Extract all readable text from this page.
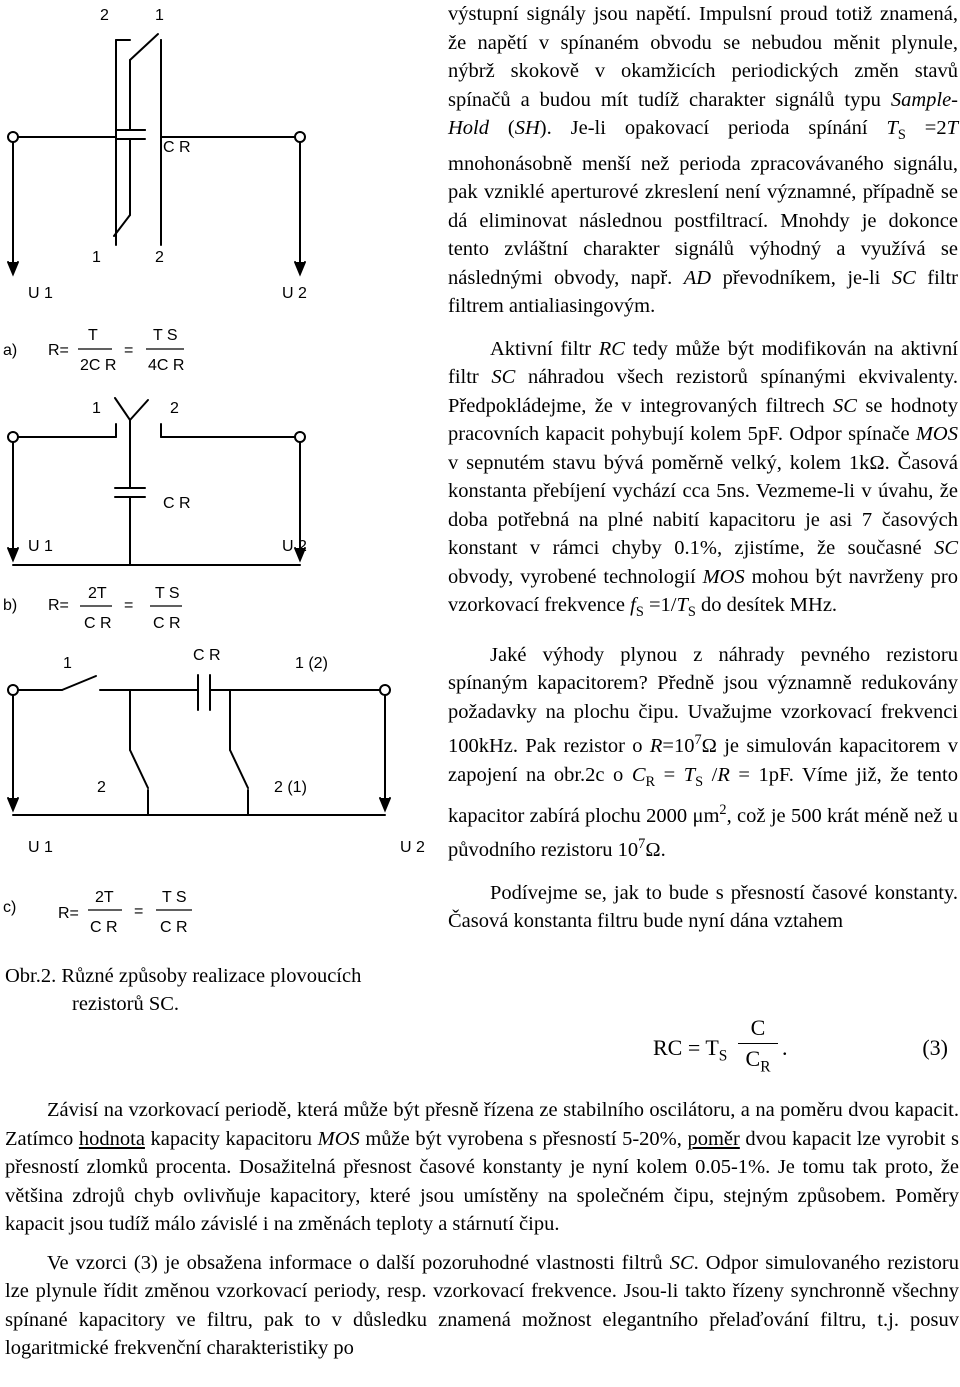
2	1
C R
1	2
U 1	U 2
a) R=
T
2C R
=
T S
4C R
1	2
C R
U 1	U 2
b) R=
2T
C R
=
T S
C R
1	C R	1 (2)
2	2 (1)
U 1	U 2
c)	R=
2T
C R
=
T S
C R
Obr.2. Různé způsoby realizace plovoucích
rezistorů SC.

výstupní signály jsou napětí. Impulsní proud totiž znamená, že napětí v spínaném obvodu se nebudou měnit plynule, nýbrž skokově v okamžicích periodických změn stavů spínačů a budou mít tudíž charakter signálů typu Sample-Hold (SH). Je-li opakovací perioda spínání $T_S =2T$ mnohonásobně menší než perioda zpracovávaného signálu, pak vzniklé aperturové zkreslení není významné, případně se dá eliminovat následnou postfiltrací. Mnohdy je dokonce tento zvláštní charakter signálů výhodný a využívá se následnými obvody, např. AD převodníkem, je-li SC filtr filtrem antialiasingovým.

Aktivní filtr RC tedy může být modifikován na aktivní filtr SC náhradou všech rezistorů spínanými ekvivalenty. Předpokládejme, že v integrovaných filtrech SC se hodnoty pracovních kapacit pohybují kolem 5pF. Odpor spínače MOS v sepnutém stavu bývá poměrně velký, kolem 1kΩ. Časová konstanta přebíjení vychází cca 5ns. Vezmeme-li v úvahu, že doba potřebná na plné nabití kapacitoru je asi 7 časových konstant v rámci chyby 0.1%, zjistíme, že současné SC obvody, vyrobené technologií MOS mohou být navrženy pro vzorkovací frekvence $f_S =1/T_S$ do desítek MHz.

Jaké výhody plynou z náhrady pevného rezistoru spínaným kapacitorem? Předně jsou významně redukovány požadavky na plochu čipu. Uvažujme vzorkovací frekvenci 100kHz. Pak rezistor o $R=10^7\Omega$ je simulován kapacitorem v zapojení na obr.2c o $C_R = T_S$ /R = 1pF. Víme již, že tento kapacitor zabírá plochu 2000 $\mu m^2$, což je 500 krát méně než u původního rezistoru $10^7\Omega$.

Podívejme se, jak to bude s přesností časové konstanty. Časová konstanta filtru bude nyní dána vztahem

RC = $T_S$
C
$C_R$
.	(3)

Závisí na vzorkovací periodě, která může být přesně řízena ze stabilního oscilátoru, a na poměru dvou kapacit. Zatímco hodnota kapacity kapacitoru MOS může být vyrobena s přesností 5-20%, poměr dvou kapacit lze vyrobit s přesností zlomků procenta. Dosažitelná přesnost časové konstanty je nyní kolem 0.05-1%. Je tomu tak proto, že většina zdrojů chyb ovlivňuje kapacitory, které jsou umístěny na společném čipu, stejným způsobem. Poměry kapacit jsou tudíž málo závislé i na změnách teploty a stárnutí čipu.

Ve vzorci (3) je obsažena informace o další pozoruhodné vlastnosti filtrů SC. Odpor simulovaného rezistoru lze plynule řídit změnou vzorkovací periody, resp. vzorkovací frekvence. Jsou-li takto řízeny synchronně všechny spínané kapacitory ve filtru, pak to v důsledku znamená možnost elegantního přelaďování filtru, t.j. posuv logaritmické frekvenční charakteristiky po
